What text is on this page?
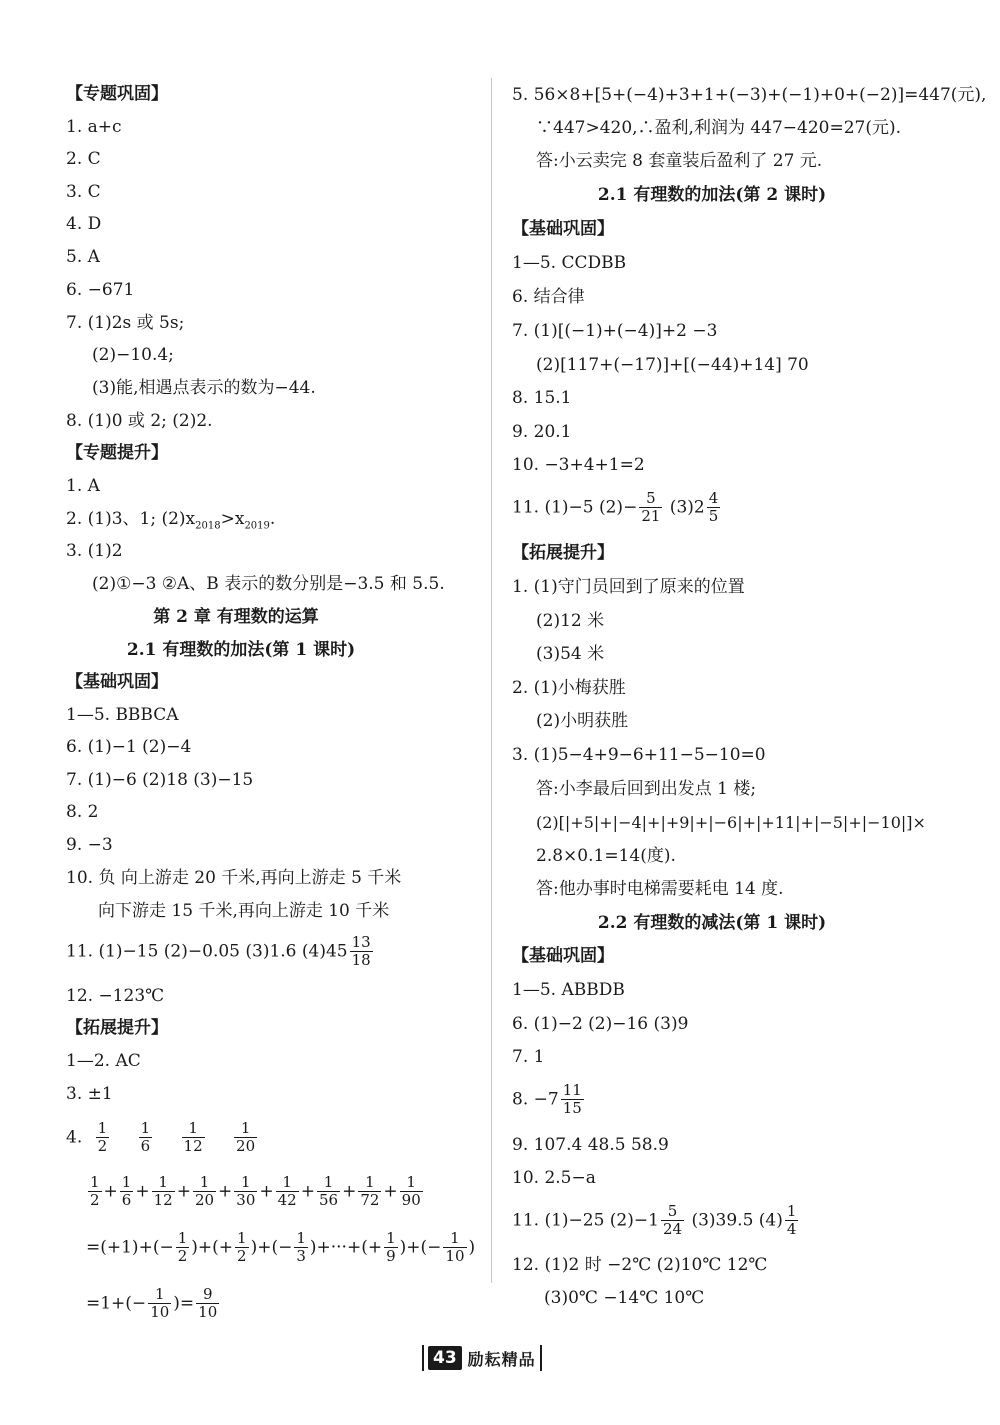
【专题巩固】
1. a+c
2. C
3. C
4. D
5. A
6. −671
7. (1)2s 或 5s;
(2)−10.4;
(3)能,相遇点表示的数为−44.
8. (1)0 或 2; (2)2.
【专题提升】
1. A
2. (1)3、1; $(2)x_{2018}>x_{2019}$.
3. (1)2
(2)①−3 ②A、B 表示的数分别是−3.5 和 5.5.
第 2 章 有理数的运算
2.1 有理数的加法(第 1 课时)
【基础巩固】
1—5. BBBCA
6. (1)−1 (2)−4
7. (1)−6 (2)18 (3)−15
8. 2
9. −3
10. 负 向上游走 20 千米,再向上游走 5 千米
向下游走 15 千米,再向上游走 10 千米
11. (1)−15 (2)−0.05 (3)1.6 $(4)45 \frac{13}{18}$
12. −123℃
【拓展提升】
1—2. AC
3. ±1
4. $\frac{1}{2}$
$\frac{1}{6}$
$\frac{1}{12}$
$\frac{1}{20}$
$\frac{1}{2} + \frac{1}{6} + \frac{1}{12} + \frac{1}{20} + \frac{1}{30} + \frac{1}{42} + \frac{1}{56} + \frac{1}{72} + \frac{1}{90}$
$=(+1)+(- \frac{1}{2}$ )+(+ $\frac{1}{2}$ )+(− $\frac{1}{3}$ )+···+(+ $\frac{1}{9}$ )+(− $\frac{1}{10}$ )
$=1+(- \frac{1}{10}$ )= $\frac{9}{10}$
5. 56×8+[5+(−4)+3+1+(−3)+(−1)+0+(−2)]=447(元),
∵447>420,∴盈利,利润为 447−420=27(元).
答:小云卖完 8 套童装后盈利了 27 元.
2.1 有理数的加法(第 2 课时)
【基础巩固】
1—5. CCDBB
6. 结合律
7. (1)[(−1)+(−4)]+2 −3
(2)[117+(−17)]+[(−44)+14] 70
8. 15.1
9. 20.1
10. −3+4+1=2
11. (1)−5 $(2)- \frac{5}{21} (3)2 \frac{4}{5}$
【拓展提升】
1. (1)守门员回到了原来的位置
(2)12 米
(3)54 米
2. (1)小梅获胜
(2)小明获胜
3. (1)5−4+9−6+11−5−10=0
答:小李最后回到出发点 1 楼;
(2)[|+5|+|−4|+|+9|+|−6|+|+11|+|−5|+|−10|]×
2.8×0.1=14(度).
答:他办事时电梯需要耗电 14 度.
2.2 有理数的减法(第 1 课时)
【基础巩固】
1—5. ABBDB
6. (1)−2 (2)−16 (3)9
7. 1
8. $-7 \frac{11}{15}$
9. 107.4 48.5 58.9
10. 2.5−a
11. (1)−25 $(2)-1 \frac{5}{24} (3)39.5$ $(4) \frac{1}{4}$
12. (1)2 时 −2℃ (2)10℃ 12℃
(3)0℃ −14℃ 10℃
43 励耘精品
